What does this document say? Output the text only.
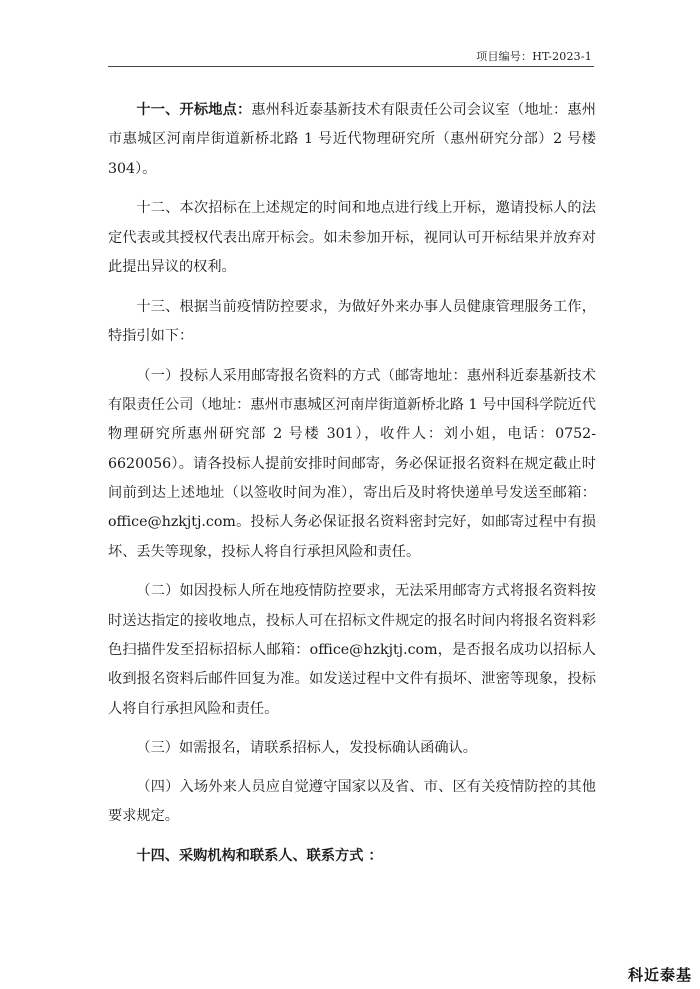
项目编号：HT-2023-1

十一、开标地点：惠州科近泰基新技术有限责任公司会议室（地址：惠州市惠城区河南岸街道新桥北路 1 号近代物理研究所（惠州研究分部）2 号楼 304）。

十二、本次招标在上述规定的时间和地点进行线上开标，邀请投标人的法定代表或其授权代表出席开标会。如未参加开标，视同认可开标结果并放弃对此提出异议的权利。

十三、根据当前疫情防控要求，为做好外来办事人员健康管理服务工作，特指引如下：

（一）投标人采用邮寄报名资料的方式（邮寄地址：惠州科近泰基新技术有限责任公司（地址：惠州市惠城区河南岸街道新桥北路 1 号中国科学院近代物理研究所惠州研究部 2 号楼 301），收件人：刘小姐，电话：0752-6620056）。请各投标人提前安排时间邮寄，务必保证报名资料在规定截止时间前到达上述地址（以签收时间为准），寄出后及时将快递单号发送至邮箱：office@hzkjtj.com。投标人务必保证报名资料密封完好，如邮寄过程中有损坏、丢失等现象，投标人将自行承担风险和责任。

（二）如因投标人所在地疫情防控要求，无法采用邮寄方式将报名资料按时送达指定的接收地点，投标人可在招标文件规定的报名时间内将报名资料彩色扫描件发至招标招标人邮箱：office@hzkjtj.com，是否报名成功以招标人收到报名资料后邮件回复为准。如发送过程中文件有损坏、泄密等现象，投标人将自行承担风险和责任。

（三）如需报名，请联系招标人，发投标确认函确认。

（四）入场外来人员应自觉遵守国家以及省、市、区有关疫情防控的其他要求规定。

十四、采购机构和联系人、联系方式 ：

科近泰基
